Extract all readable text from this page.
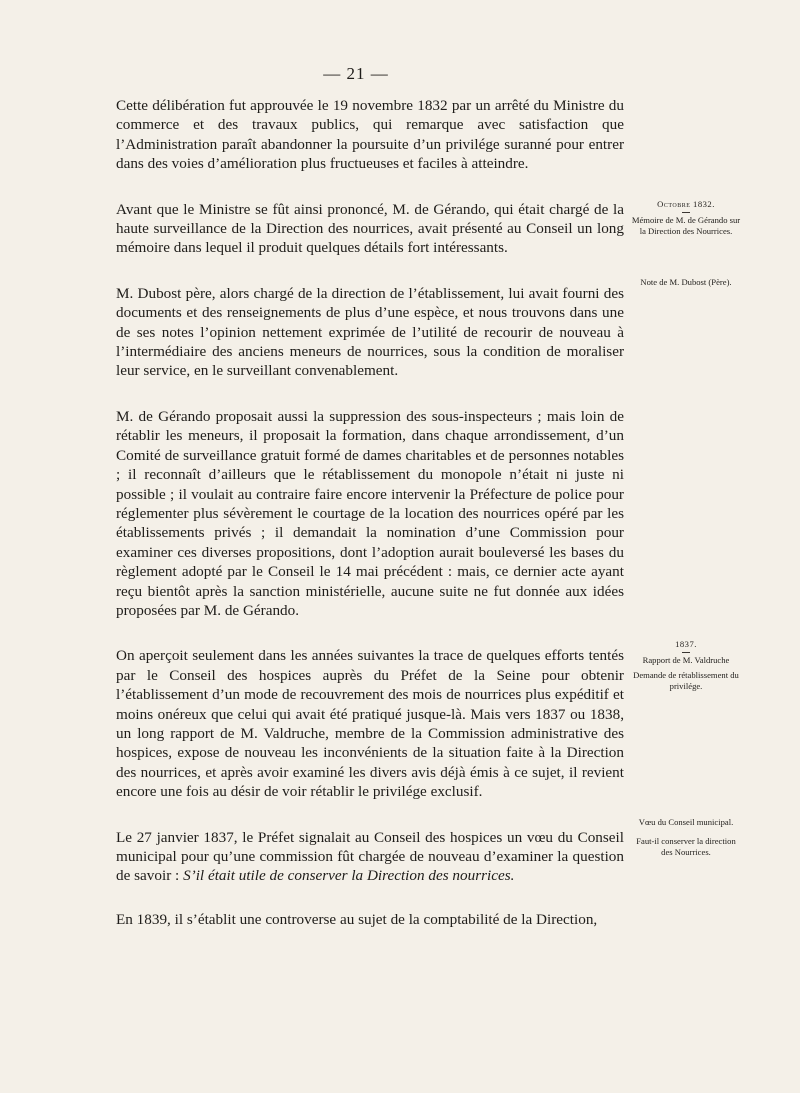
— 21 —

Cette délibération fut approuvée le 19 novembre 1832 par un arrêté du Ministre du commerce et des travaux publics, qui remarque avec satisfaction que l’Administration paraît abandonner la poursuite d’un privilége suranné pour entrer dans des voies d’amélioration plus fructueuses et faciles à atteindre.

Avant que le Ministre se fût ainsi prononcé, M. de Gérando, qui était chargé de la haute surveillance de la Direction des nourrices, avait présenté au Conseil un long mémoire dans lequel il produit quelques détails fort intéressants.

M. Dubost père, alors chargé de la direction de l’établissement, lui avait fourni des documents et des renseignements de plus d’une espèce, et nous trouvons dans une de ses notes l’opinion nettement exprimée de l’utilité de recourir de nouveau à l’intermédiaire des anciens meneurs de nourrices, sous la condition de moraliser leur service, en le surveillant convenablement.

M. de Gérando proposait aussi la suppression des sous-inspecteurs ; mais loin de rétablir les meneurs, il proposait la formation, dans chaque arrondissement, d’un Comité de surveillance gratuit formé de dames charitables et de personnes notables ; il reconnaît d’ailleurs que le rétablissement du monopole n’était ni juste ni possible ; il voulait au contraire faire encore intervenir la Préfecture de police pour réglementer plus sévèrement le courtage de la location des nourrices opéré par les établissements privés ; il demandait la nomination d’une Commission pour examiner ces diverses propositions, dont l’adoption aurait bouleversé les bases du règlement adopté par le Conseil le 14 mai précédent : mais, ce dernier acte ayant reçu bientôt après la sanction ministérielle, aucune suite ne fut donnée aux idées proposées par M. de Gérando.

On aperçoit seulement dans les années suivantes la trace de quelques efforts tentés par le Conseil des hospices auprès du Préfet de la Seine pour obtenir l’établissement d’un mode de recouvrement des mois de nourrices plus expéditif et moins onéreux que celui qui avait été pratiqué jusque-là. Mais vers 1837 ou 1838, un long rapport de M. Valdruche, membre de la Commission administrative des hospices, expose de nouveau les inconvénients de la situation faite à la Direction des nourrices, et après avoir examiné les divers avis déjà émis à ce sujet, il revient encore une fois au désir de voir rétablir le privilége exclusif.

Le 27 janvier 1837, le Préfet signalait au Conseil des hospices un vœu du Conseil municipal pour qu’une commission fût chargée de nouveau d’examiner la question de savoir : S’il était utile de conserver la Direction des nourrices.

En 1839, il s’établit une controverse au sujet de la comptabilité de la Direction,

Octobre 1832.

Mémoire de M. de Gérando sur la Direction des Nourrices.

Note de M. Dubost (Père).

1837.

Rapport de M. Valdruche

Demande de rétablissement du privilége.

Vœu du Conseil municipal.

Faut-il conserver la direction des Nourrices.
